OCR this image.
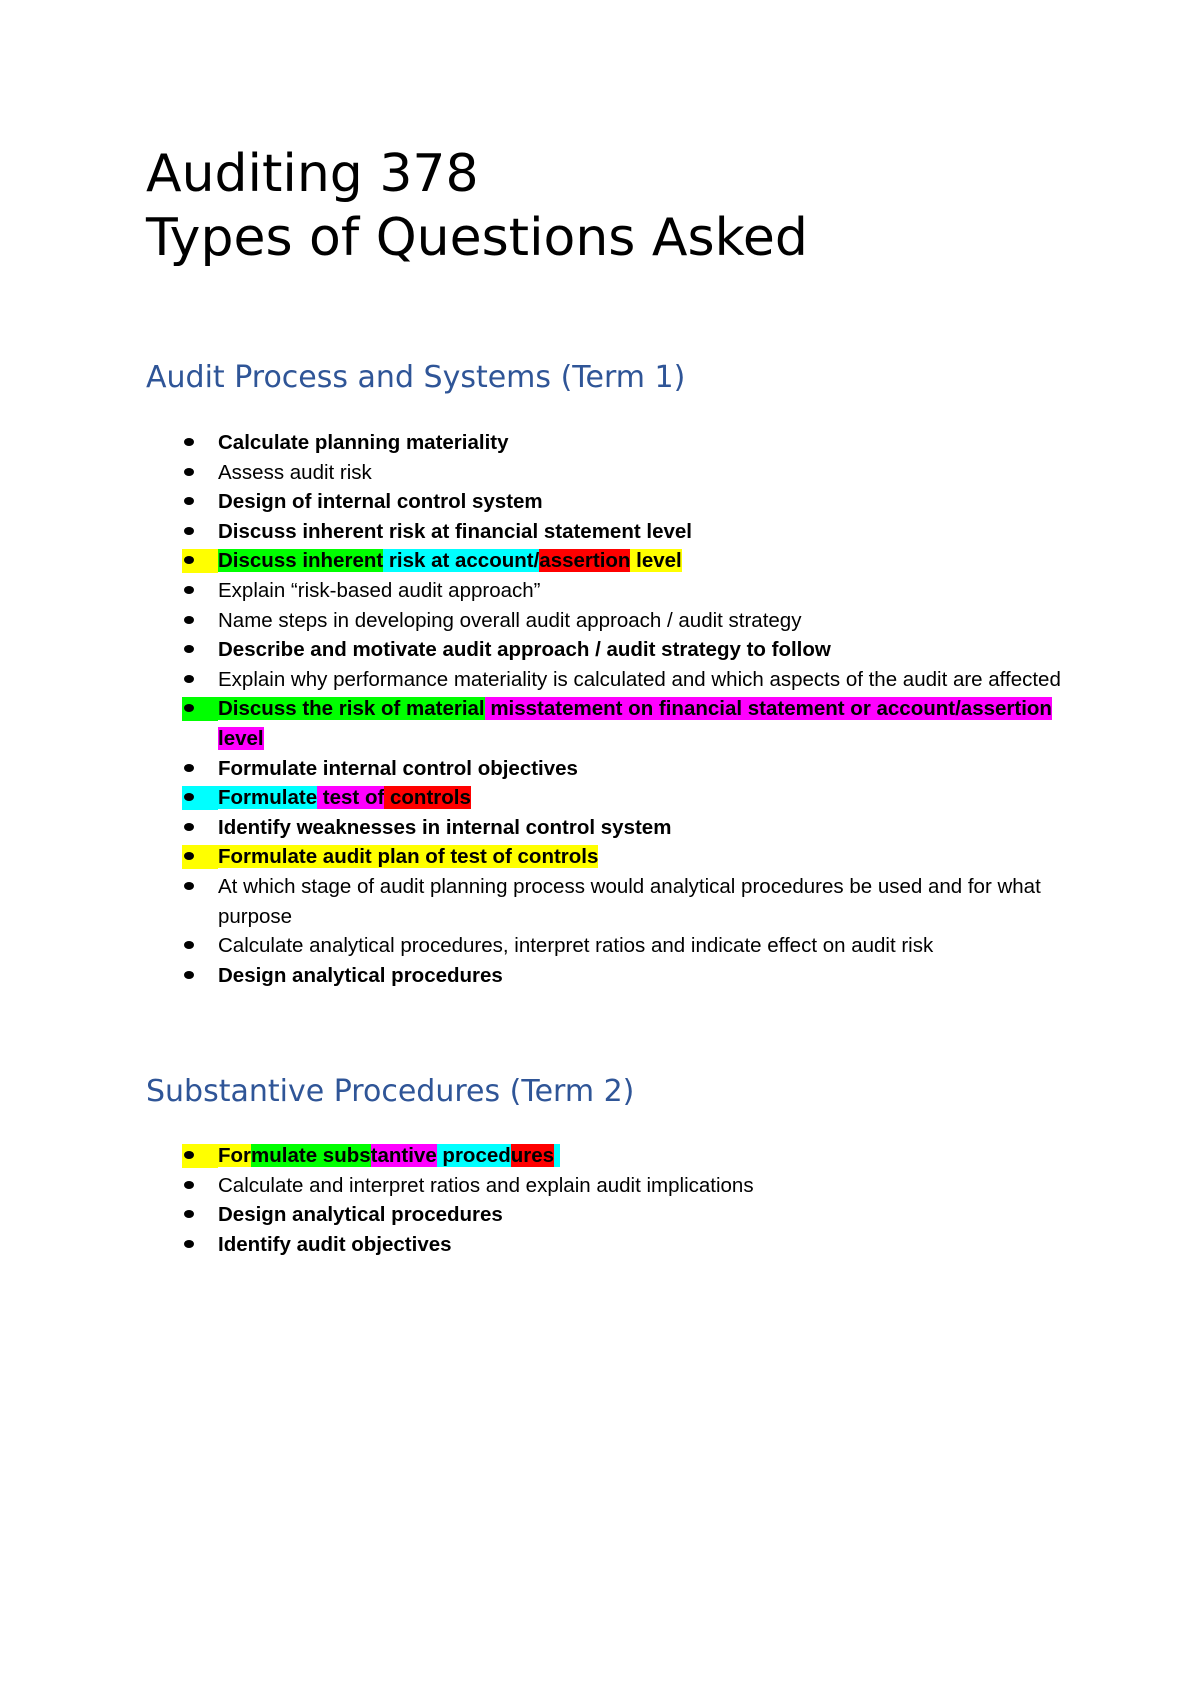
Auditing 378
Types of Questions Asked
Audit Process and Systems (Term 1)
Calculate planning materiality
Assess audit risk
Design of internal control system
Discuss inherent risk at financial statement level
Discuss inherent risk at account/assertion level
Explain “risk-based audit approach”
Name steps in developing overall audit approach / audit strategy
Describe and motivate audit approach / audit strategy to follow
Explain why performance materiality is calculated and which aspects of the audit are affected
Discuss the risk of material misstatement on financial statement or account/assertion level
Formulate internal control objectives
Formulate test of controls
Identify weaknesses in internal control system
Formulate audit plan of test of controls
At which stage of audit planning process would analytical procedures be used and for what purpose
Calculate analytical procedures, interpret ratios and indicate effect on audit risk
Design analytical procedures
Substantive Procedures (Term 2)
Formulate substantive procedures
Calculate and interpret ratios and explain audit implications
Design analytical procedures
Identify audit objectives
